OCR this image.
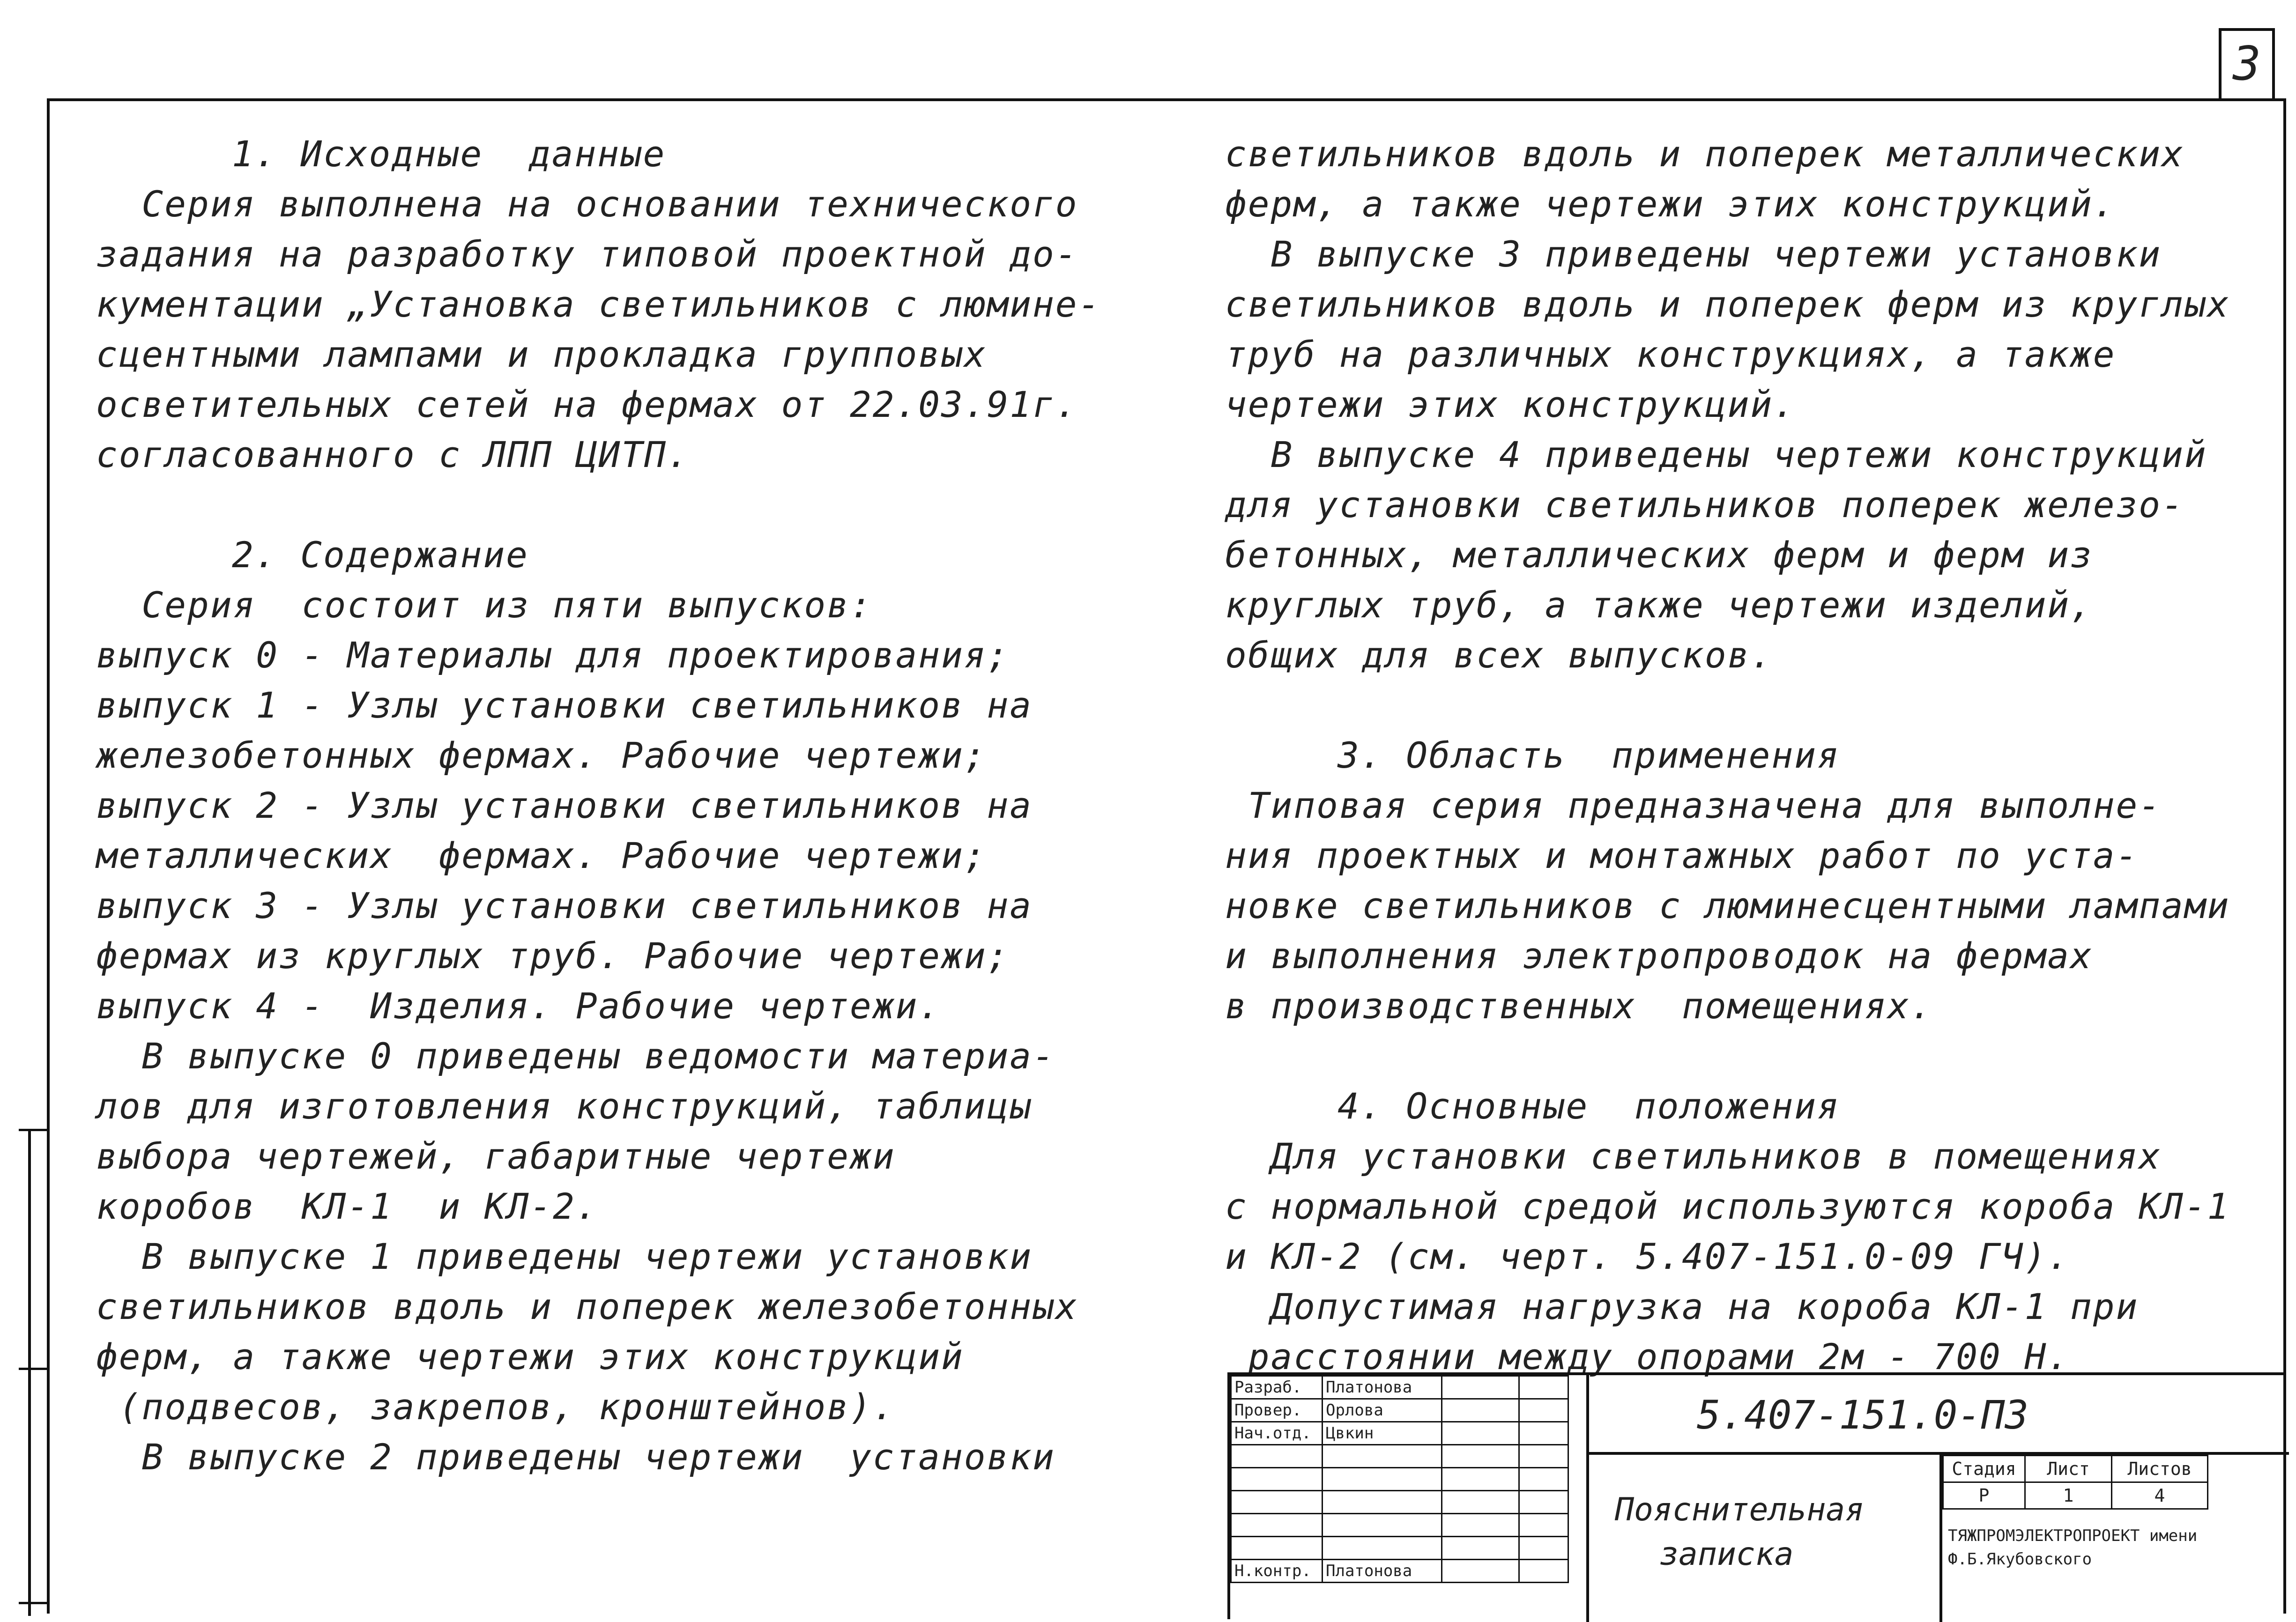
3
1. Исходные  данные
Серия выполнена на основании технического
задания на разработку типовой проектной до-
кументации „Установка светильников с люмине-
сцентными лампами и прокладка групповых
осветительных сетей на фермах от 22.03.91г.
согласованного с ЛПП ЦИТП.
2. Содержание
Серия  состоит из пяти выпусков:
выпуск 0 - Материалы для проектирования;
выпуск 1 - Узлы установки светильников на
железобетонных фермах. Рабочие чертежи;
выпуск 2 - Узлы установки светильников на
металлических  фермах. Рабочие чертежи;
выпуск 3 - Узлы установки светильников на
фермах из круглых труб. Рабочие чертежи;
выпуск 4 -  Изделия. Рабочие чертежи.
В выпуске 0 приведены ведомости материа-
лов для изготовления конструкций, таблицы
выбора чертежей, габаритные чертежи
коробов  КЛ-1  и КЛ-2.
В выпуске 1 приведены чертежи установки
светильников вдоль и поперек железобетонных
ферм, а также чертежи этих конструкций
(подвесов, закрепов, кронштейнов).
В выпуске 2 приведены чертежи  установки
светильников вдоль и поперек металлических
ферм, а также чертежи этих конструкций.
В выпуске 3 приведены чертежи установки
светильников вдоль и поперек ферм из круглых
труб на различных конструкциях, а также
чертежи этих конструкций.
В выпуске 4 приведены чертежи конструкций
для установки светильников поперек железо-
бетонных, металлических ферм и ферм из
круглых труб, а также чертежи изделий,
общих для всех выпусков.
3. Область  применения
Типовая серия предназначена для выполне-
ния проектных и монтажных работ по уста-
новке светильников с люминесцентными лампами
и выполнения электропроводок на фермах
в производственных  помещениях.
4. Основные  положения
Для установки светильников в помещениях
с нормальной средой используются короба КЛ-1
и КЛ-2 (см. черт. 5.407-151.0-09 ГЧ).
Допустимая нагрузка на короба КЛ-1 при
расстоянии между опорами 2м - 700 Н.
Разраб.	Платонова		
Провер.	Орлова		
Нач.отд.	Цвкин		

Н.контр.	Платонова		
5.407-151.0-ПЗ
Пояснительная
записка
Стадия	Лист	Листов
Р	1	4
ТЯЖПРОМЭЛЕКТРОПРОЕКТ имени Ф.Б.Якубовского
